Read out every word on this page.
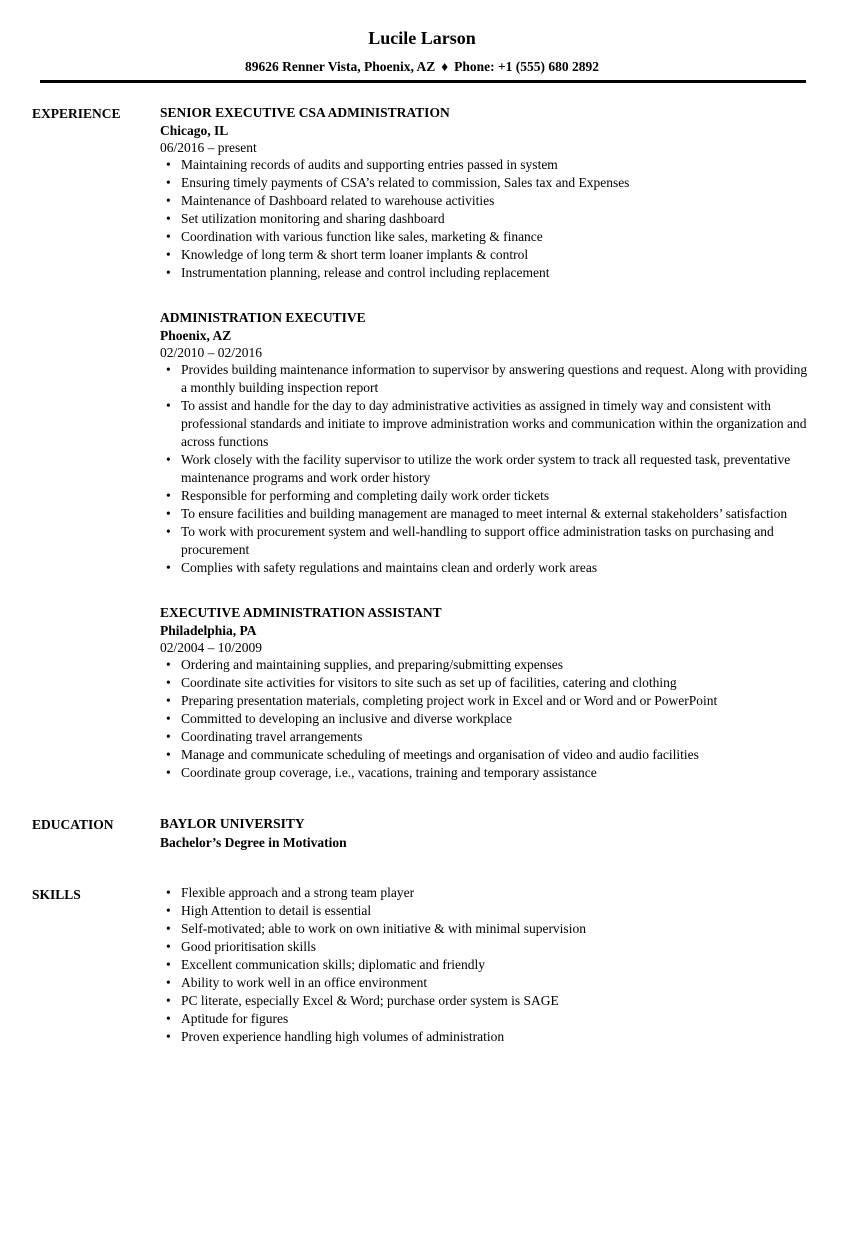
Lucile Larson
89626 Renner Vista, Phoenix, AZ ♦ Phone: +1 (555) 680 2892
EXPERIENCE	SENIOR EXECUTIVE CSA ADMINISTRATION
Chicago, IL
06/2016 – present
• Maintaining records of audits and supporting entries passed in system
• Ensuring timely payments of CSA’s related to commission, Sales tax and Expenses
• Maintenance of Dashboard related to warehouse activities
• Set utilization monitoring and sharing dashboard
• Coordination with various function like sales, marketing & finance
• Knowledge of long term & short term loaner implants & control
• Instrumentation planning, release and control including replacement
ADMINISTRATION EXECUTIVE
Phoenix, AZ
02/2010 – 02/2016
• Provides building maintenance information to supervisor by answering questions and request. Along with providing a monthly building inspection report
• To assist and handle for the day to day administrative activities as assigned in timely way and consistent with professional standards and initiate to improve administration works and communication within the organization and across functions
• Work closely with the facility supervisor to utilize the work order system to track all requested task, preventative maintenance programs and work order history
• Responsible for performing and completing daily work order tickets
• To ensure facilities and building management are managed to meet internal & external stakeholders’ satisfaction
• To work with procurement system and well-handling to support office administration tasks on purchasing and procurement
• Complies with safety regulations and maintains clean and orderly work areas
EXECUTIVE ADMINISTRATION ASSISTANT
Philadelphia, PA
02/2004 – 10/2009
• Ordering and maintaining supplies, and preparing/submitting expenses
• Coordinate site activities for visitors to site such as set up of facilities, catering and clothing
• Preparing presentation materials, completing project work in Excel and or Word and or PowerPoint
• Committed to developing an inclusive and diverse workplace
• Coordinating travel arrangements
• Manage and communicate scheduling of meetings and organisation of video and audio facilities
• Coordinate group coverage, i.e., vacations, training and temporary assistance
EDUCATION	BAYLOR UNIVERSITY
Bachelor’s Degree in Motivation
SKILLS	• Flexible approach and a strong team player
• High Attention to detail is essential
• Self-motivated; able to work on own initiative & with minimal supervision
• Good prioritisation skills
• Excellent communication skills; diplomatic and friendly
• Ability to work well in an office environment
• PC literate, especially Excel & Word; purchase order system is SAGE
• Aptitude for figures
• Proven experience handling high volumes of administration
